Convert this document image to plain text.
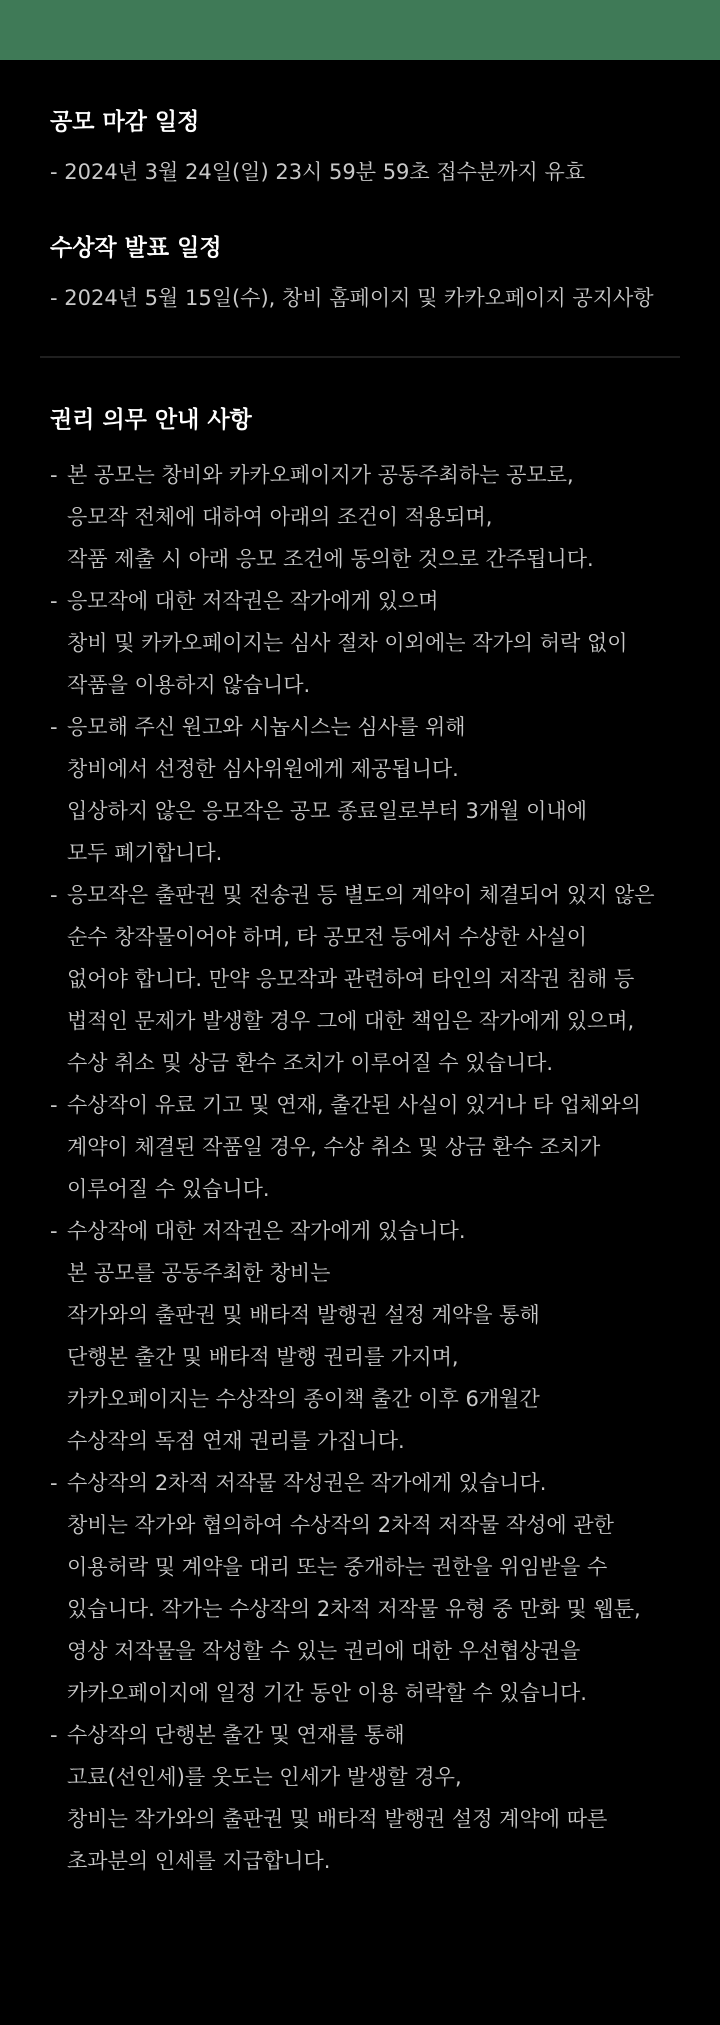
공모 마감 일정
- 2024년 3월 24일(일) 23시 59분 59초 접수분까지 유효
수상작 발표 일정
- 2024년 5월 15일(수), 창비 홈페이지 및 카카오페이지 공지사항
권리 의무 안내 사항
- 본 공모는 창비와 카카오페이지가 공동주최하는 공모로,
응모작 전체에 대하여 아래의 조건이 적용되며,
작품 제출 시 아래 응모 조건에 동의한 것으로 간주됩니다.
- 응모작에 대한 저작권은 작가에게 있으며
창비 및 카카오페이지는 심사 절차 이외에는 작가의 허락 없이
작품을 이용하지 않습니다.
- 응모해 주신 원고와 시놉시스는 심사를 위해
창비에서 선정한 심사위원에게 제공됩니다.
입상하지 않은 응모작은 공모 종료일로부터 3개월 이내에
모두 폐기합니다.
- 응모작은 출판권 및 전송권 등 별도의 계약이 체결되어 있지 않은
순수 창작물이어야 하며, 타 공모전 등에서 수상한 사실이
없어야 합니다. 만약 응모작과 관련하여 타인의 저작권 침해 등
법적인 문제가 발생할 경우 그에 대한 책임은 작가에게 있으며,
수상 취소 및 상금 환수 조치가 이루어질 수 있습니다.
- 수상작이 유료 기고 및 연재, 출간된 사실이 있거나 타 업체와의
계약이 체결된 작품일 경우, 수상 취소 및 상금 환수 조치가
이루어질 수 있습니다.
- 수상작에 대한 저작권은 작가에게 있습니다.
본 공모를 공동주최한 창비는
작가와의 출판권 및 배타적 발행권 설정 계약을 통해
단행본 출간 및 배타적 발행 권리를 가지며,
카카오페이지는 수상작의 종이책 출간 이후 6개월간
수상작의 독점 연재 권리를 가집니다.
- 수상작의 2차적 저작물 작성권은 작가에게 있습니다.
창비는 작가와 협의하여 수상작의 2차적 저작물 작성에 관한
이용허락 및 계약을 대리 또는 중개하는 권한을 위임받을 수
있습니다. 작가는 수상작의 2차적 저작물 유형 중 만화 및 웹툰,
영상 저작물을 작성할 수 있는 권리에 대한 우선협상권을
카카오페이지에 일정 기간 동안 이용 허락할 수 있습니다.
- 수상작의 단행본 출간 및 연재를 통해
고료(선인세)를 웃도는 인세가 발생할 경우,
창비는 작가와의 출판권 및 배타적 발행권 설정 계약에 따른
초과분의 인세를 지급합니다.
